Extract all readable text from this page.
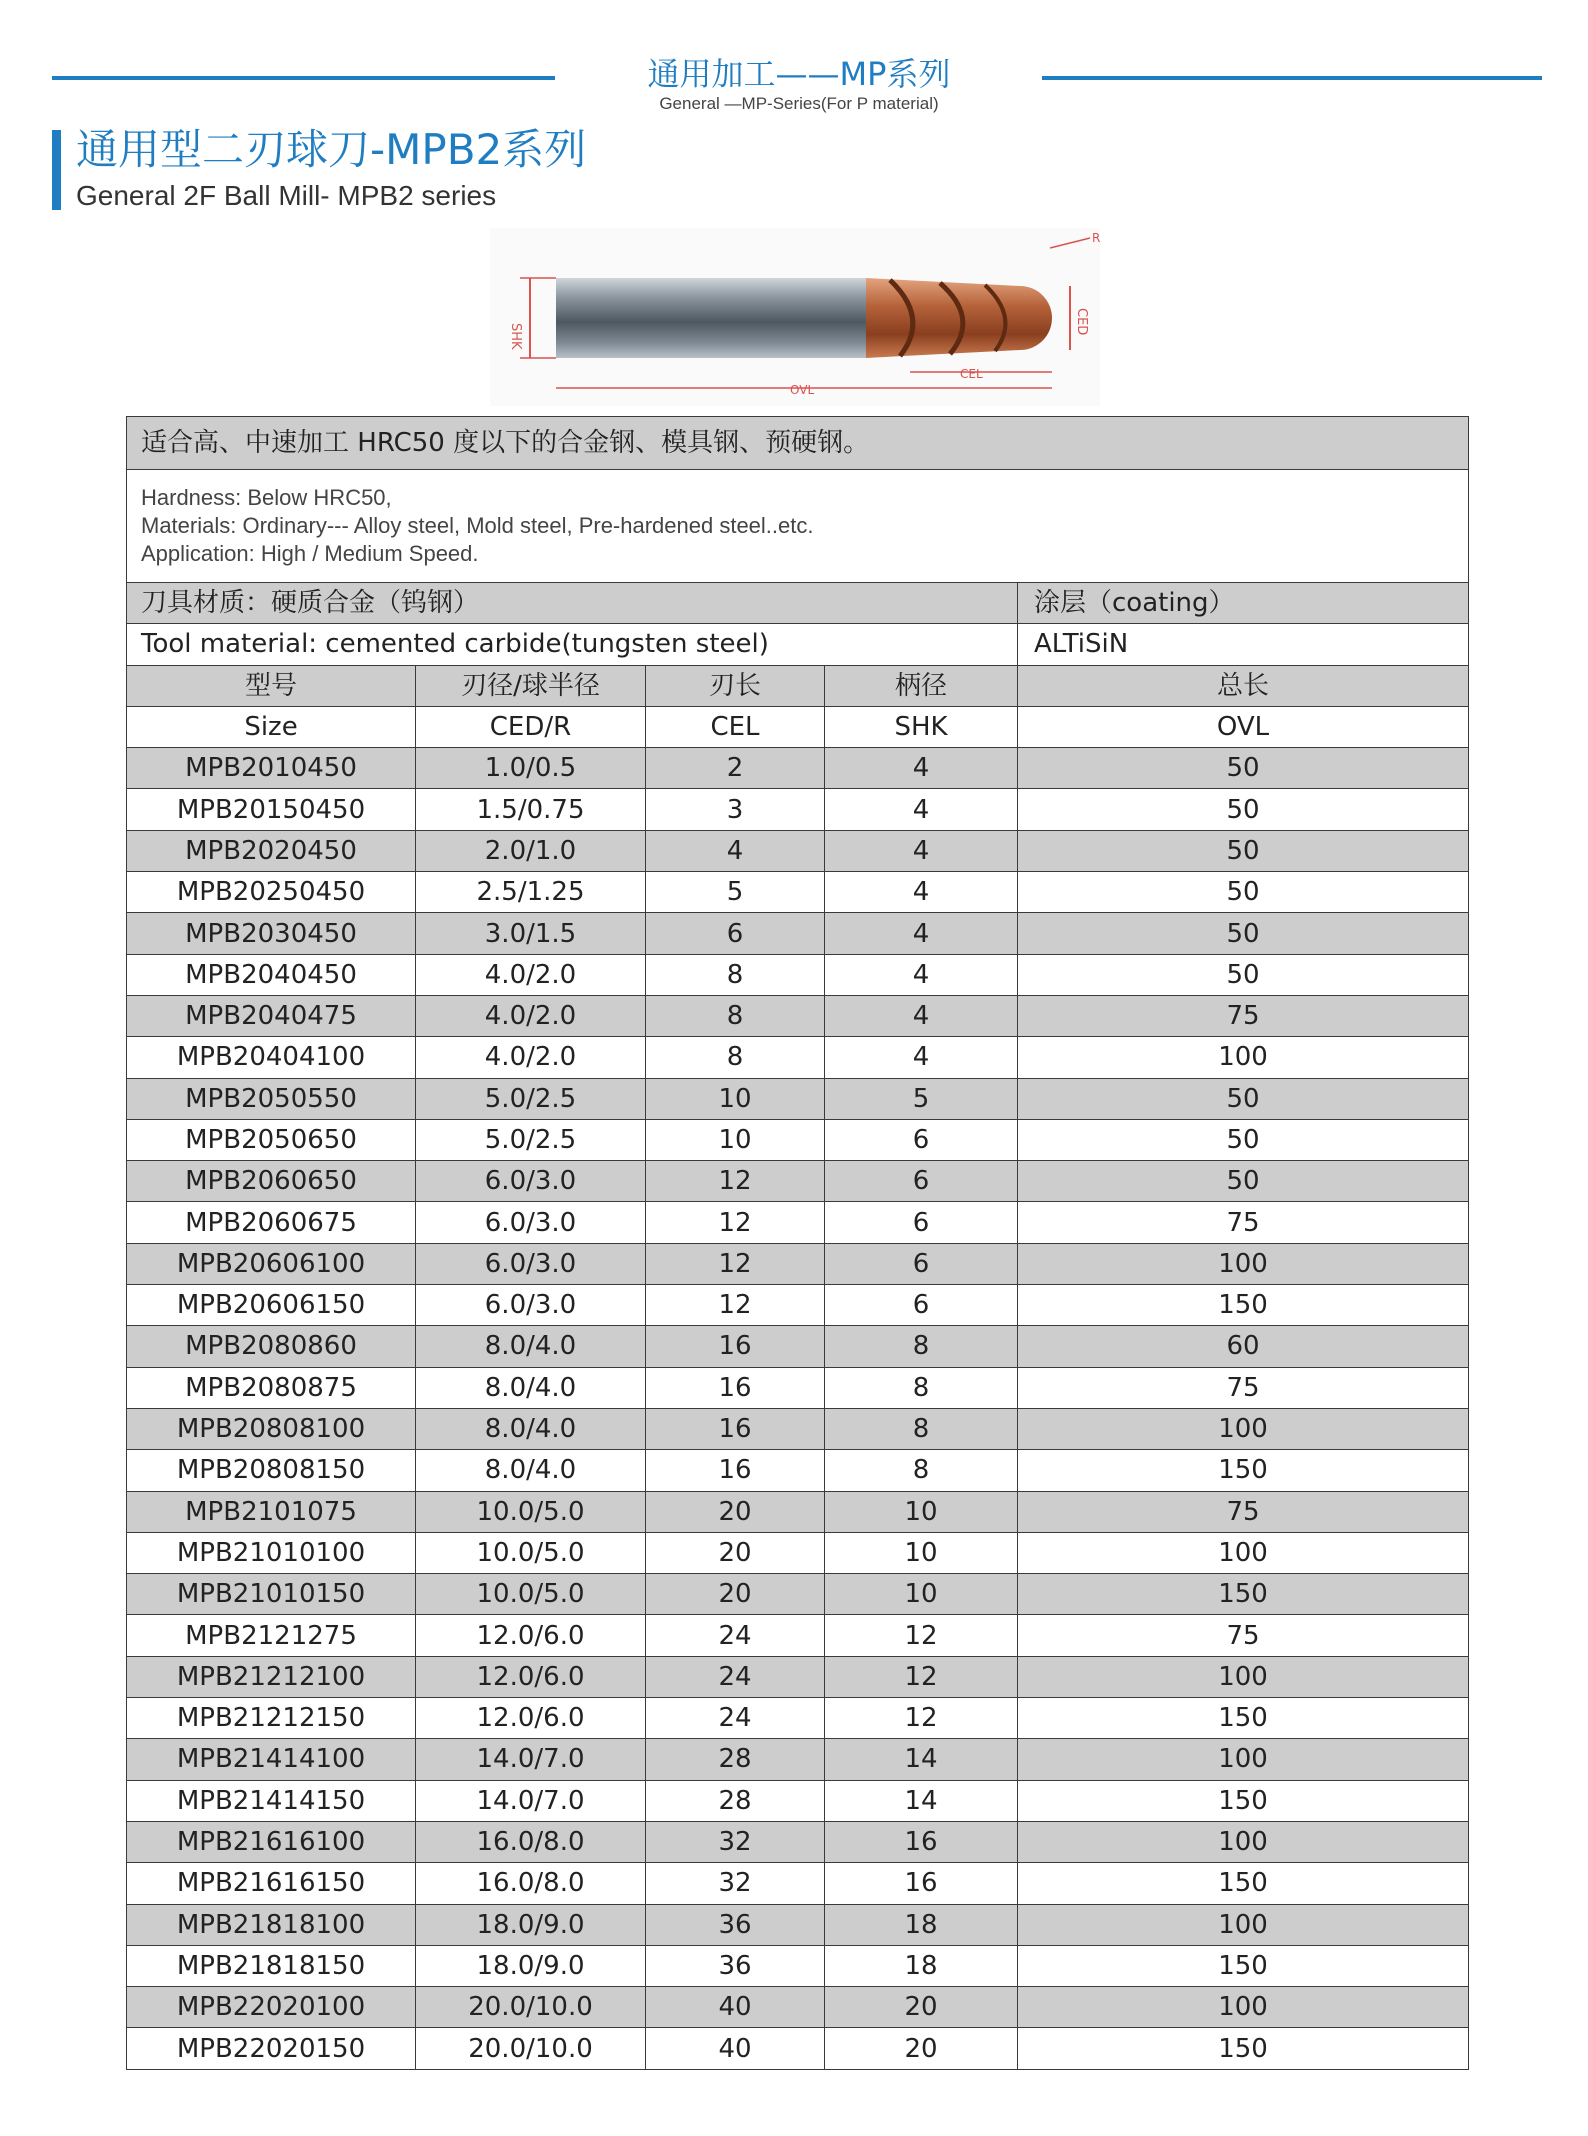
通用加工——MP系列
General —MP-Series(For P material)
通用型二刃球刀-MPB2系列
General 2F Ball Mill- MPB2 series
SHK
CED
R
OVL
CEL
适合高、中速加工 HRC50 度以下的合金钢、模具钢、预硬钢。				

Hardness: Below HRC50,
Materials: Ordinary--- Alloy steel, Mold steel, Pre-hardened steel..etc.
Application: High / Medium Speed.				

刀具材质：硬质合金（钨钢）				涂层（coating）
Tool material: cemented carbide(tungsten steel)				ALTiSiN
型号	刃径/球半径	刃长	柄径	总长
Size	CED/R	CEL	SHK	OVL
MPB2010450	1.0/0.5	2	4	50
MPB20150450	1.5/0.75	3	4	50
MPB2020450	2.0/1.0	4	4	50
MPB20250450	2.5/1.25	5	4	50
MPB2030450	3.0/1.5	6	4	50
MPB2040450	4.0/2.0	8	4	50
MPB2040475	4.0/2.0	8	4	75
MPB20404100	4.0/2.0	8	4	100
MPB2050550	5.0/2.5	10	5	50
MPB2050650	5.0/2.5	10	6	50
MPB2060650	6.0/3.0	12	6	50
MPB2060675	6.0/3.0	12	6	75
MPB20606100	6.0/3.0	12	6	100
MPB20606150	6.0/3.0	12	6	150
MPB2080860	8.0/4.0	16	8	60
MPB2080875	8.0/4.0	16	8	75
MPB20808100	8.0/4.0	16	8	100
MPB20808150	8.0/4.0	16	8	150
MPB2101075	10.0/5.0	20	10	75
MPB21010100	10.0/5.0	20	10	100
MPB21010150	10.0/5.0	20	10	150
MPB2121275	12.0/6.0	24	12	75
MPB21212100	12.0/6.0	24	12	100
MPB21212150	12.0/6.0	24	12	150
MPB21414100	14.0/7.0	28	14	100
MPB21414150	14.0/7.0	28	14	150
MPB21616100	16.0/8.0	32	16	100
MPB21616150	16.0/8.0	32	16	150
MPB21818100	18.0/9.0	36	18	100
MPB21818150	18.0/9.0	36	18	150
MPB22020100	20.0/10.0	40	20	100
MPB22020150	20.0/10.0	40	20	150
